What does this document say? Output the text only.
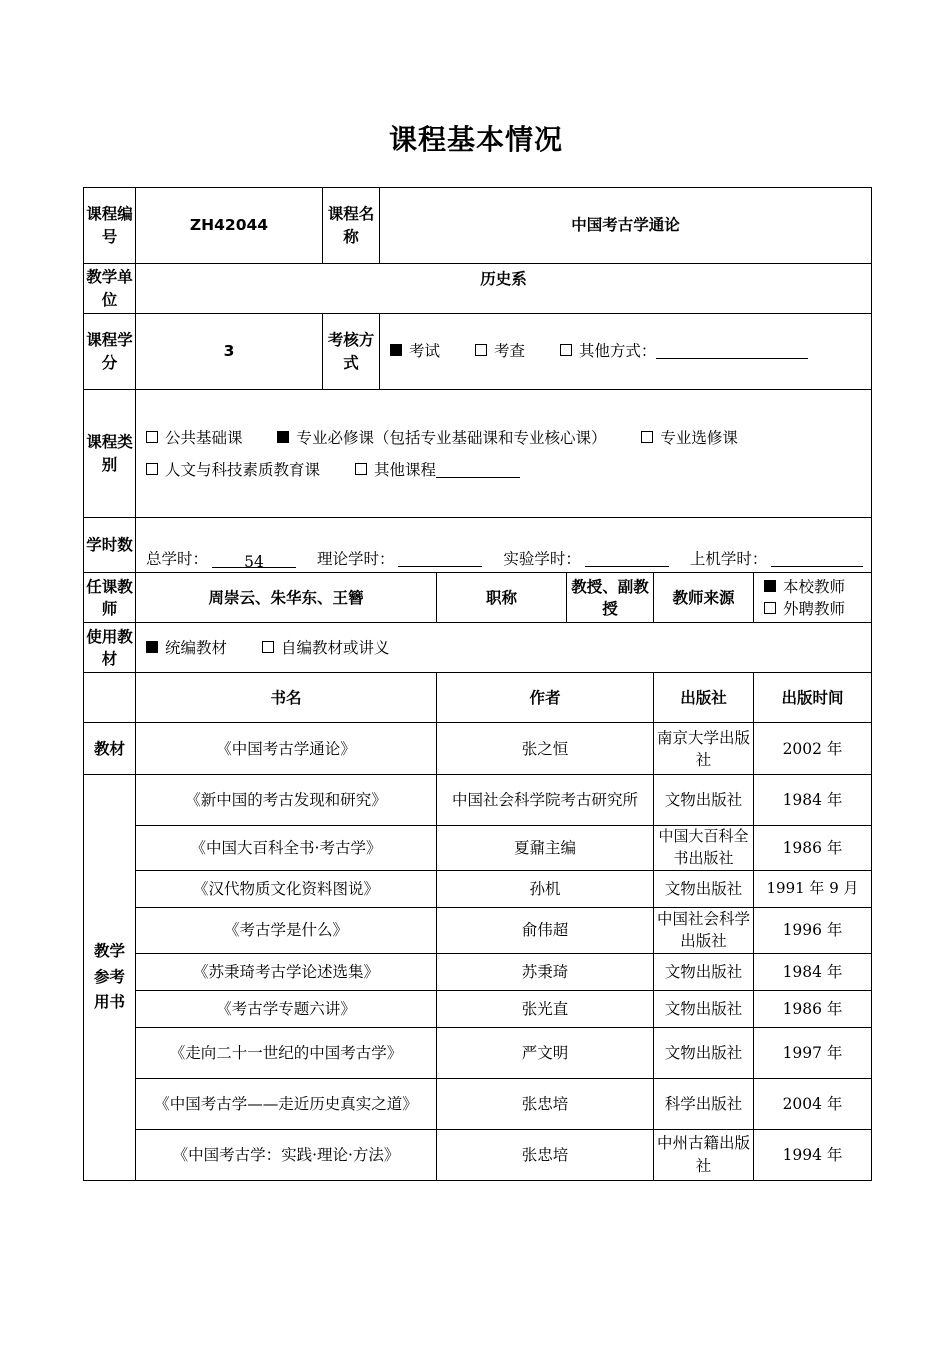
课程基本情况
课程编号	ZH42044	课程名称	中国考古学通论				
教学单位	历史系						
课程学分	3	考核方式	考试 考查 其他方式：				
课程类别	公共基础课 专业必修课（包括专业基础课和专业核心课） 专业选修课
人文与科技素质教育课 其他课程						

学时数	总学时： 54 理论学时： 实验学时： 上机学时：						
任课教师	周崇云、朱华东、王簪			职称	教授、副教授	教师来源	本校教师
外聘教师

使用教材	统编教材 自编教材或讲义						
	书名			作者		出版社	出版时间
教材	《中国考古学通论》			张之恒		南京大学出版社	2002 年
教学参考用书	《新中国的考古发现和研究》			中国社会科学院考古研究所		文物出版社	1984 年
	《中国大百科全书·考古学》			夏鼐主编		中国大百科全书出版社	1986 年
	《汉代物质文化资料图说》			孙机		文物出版社	1991 年 9 月
	《考古学是什么》			俞伟超		中国社会科学出版社	1996 年
	《苏秉琦考古学论述选集》			苏秉琦		文物出版社	1984 年
	《考古学专题六讲》			张光直		文物出版社	1986 年
	《走向二十一世纪的中国考古学》			严文明		文物出版社	1997 年
	《中国考古学——走近历史真实之道》			张忠培		科学出版社	2004 年
	《中国考古学：实践·理论·方法》			张忠培		中州古籍出版社	1994 年
